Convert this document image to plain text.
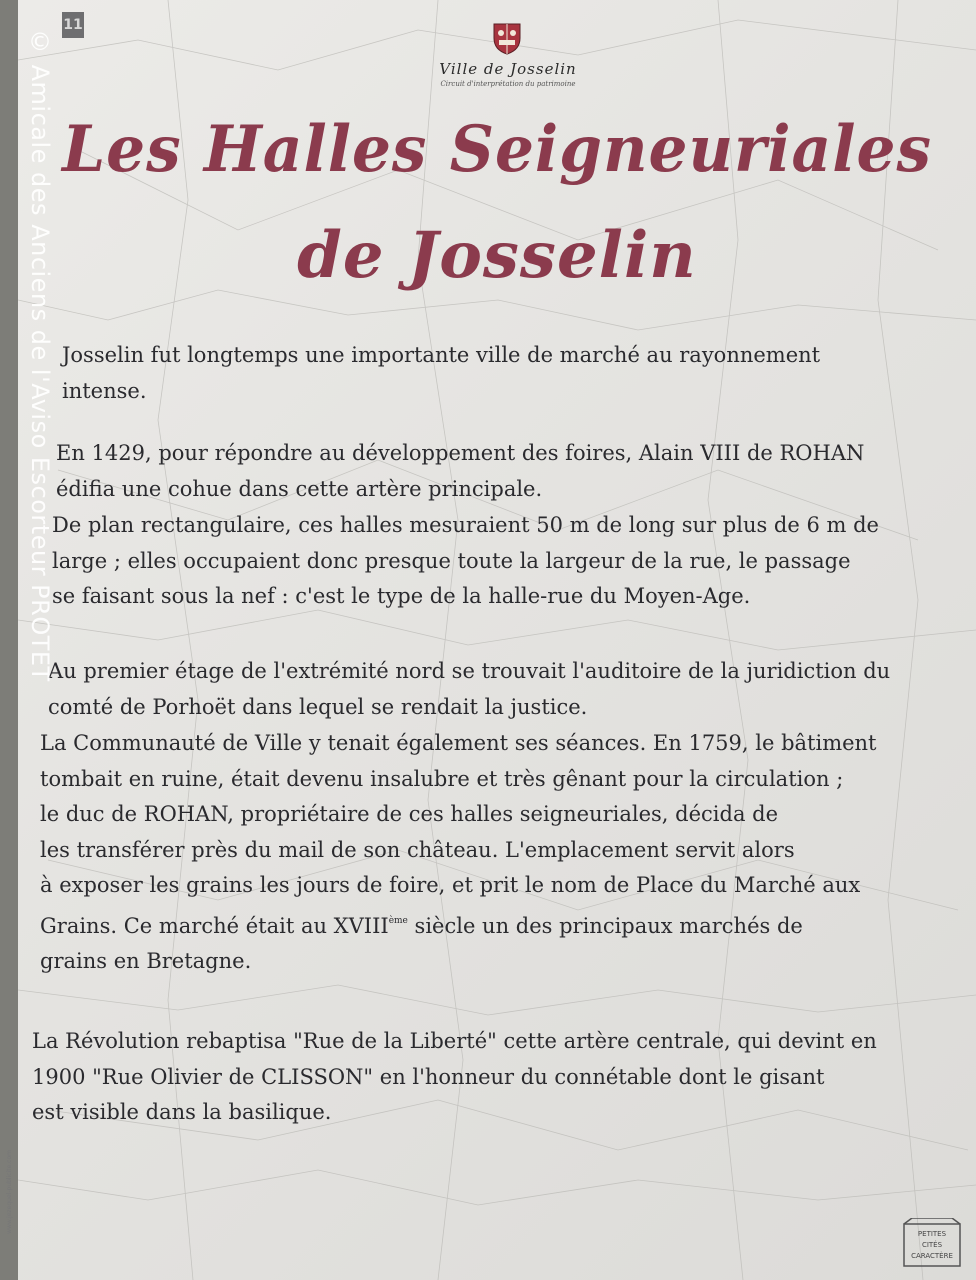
11
Ville de Josselin
Circuit d'interprétation du patrimoine
Les Halles Seigneuriales
de Josselin
Josselin fut longtemps une importante ville de marché au rayonnement
intense.
En 1429, pour répondre au développement des foires, Alain VIII de ROHAN
édifia une cohue dans cette artère principale.
De plan rectangulaire, ces halles mesuraient 50 m de long sur plus de 6 m de
large ; elles occupaient donc presque toute la largeur de la rue, le passage
se faisant sous la nef : c'est le type de la halle-rue du Moyen-Age.
Au premier étage de l'extrémité nord se trouvait l'auditoire de la juridiction du
comté de Porhoët dans lequel se rendait la justice.
La Communauté de Ville y tenait également ses séances. En 1759, le bâtiment
tombait en ruine, était devenu insalubre et très gênant pour la circulation ;
le duc de ROHAN, propriétaire de ces halles seigneuriales, décida de
les transférer près du mail de son château. L'emplacement servit alors
à exposer les grains les jours de foire, et prit le nom de Place du Marché aux
Grains. Ce marché était au XVIIIème siècle un des principaux marchés de
grains en Bretagne.
La Révolution rebaptisa "Rue de la Liberté" cette artère centrale, qui devint en
1900 "Rue Olivier de CLISSON" en l'honneur du connétable dont le gisant
est visible dans la basilique.
PETITES
CITÉS
CARACTÈRE
© Amicale des Anciens de l'Aviso Escorteur PROTET
www.jezequel-publicite.com
